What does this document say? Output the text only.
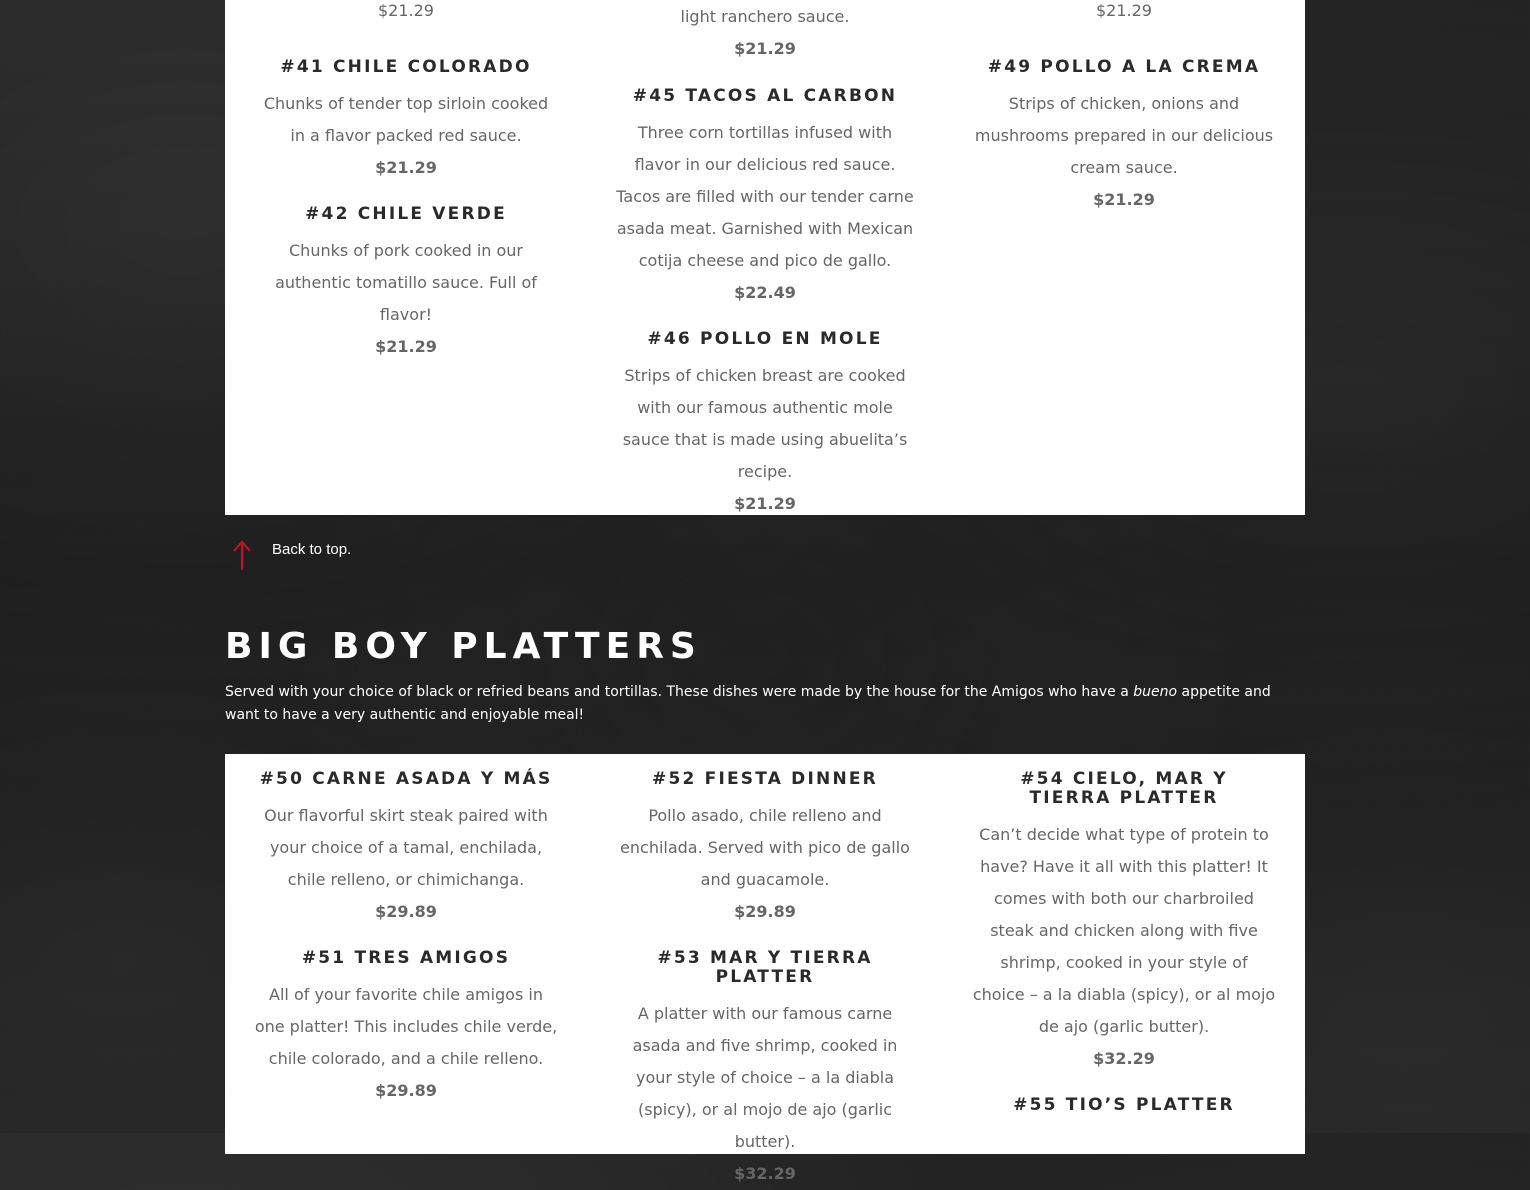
$21.29

#41 CHILE COLORADO

Chunks of tender top sirloin cooked in a flavor packed red sauce.

$21.29

#42 CHILE VERDE

Chunks of pork cooked in our authentic tomatillo sauce. Full of flavor!

$21.29

light ranchero sauce.

$21.29

#45 TACOS AL CARBON

Three corn tortillas infused with flavor in our delicious red sauce. Tacos are filled with our tender carne asada meat. Garnished with Mexican cotija cheese and pico de gallo.

$22.49

#46 POLLO EN MOLE

Strips of chicken breast are cooked with our famous authentic mole sauce that is made using abuelita’s recipe.

$21.29

$21.29

#49 POLLO A LA CREMA

Strips of chicken, onions and mushrooms prepared in our delicious cream sauce.

$21.29

Back to top.
BIG BOY PLATTERS

Served with your choice of black or refried beans and tortillas. These dishes were made by the house for the Amigos who have a bueno appetite and want to have a very authentic and enjoyable meal!

#50 CARNE ASADA Y MÁS

Our flavorful skirt steak paired with your choice of a tamal, enchilada, chile relleno, or chimichanga.

$29.89

#51 TRES AMIGOS

All of your favorite chile amigos in one platter! This includes chile verde, chile colorado, and a chile relleno.

$29.89

#52 FIESTA DINNER

Pollo asado, chile relleno and enchilada. Served with pico de gallo and guacamole.

$29.89

#53 MAR Y TIERRA PLATTER

A platter with our famous carne asada and five shrimp, cooked in your style of choice – a la diabla (spicy), or al mojo de ajo (garlic butter).

$32.29

#54 CIELO, MAR Y TIERRA PLATTER

Can’t decide what type of protein to have? Have it all with this platter! It comes with both our charbroiled steak and chicken along with five shrimp, cooked in your style of choice – a la diabla (spicy), or al mojo de ajo (garlic butter).

$32.29

#55 TIO’S PLATTER
